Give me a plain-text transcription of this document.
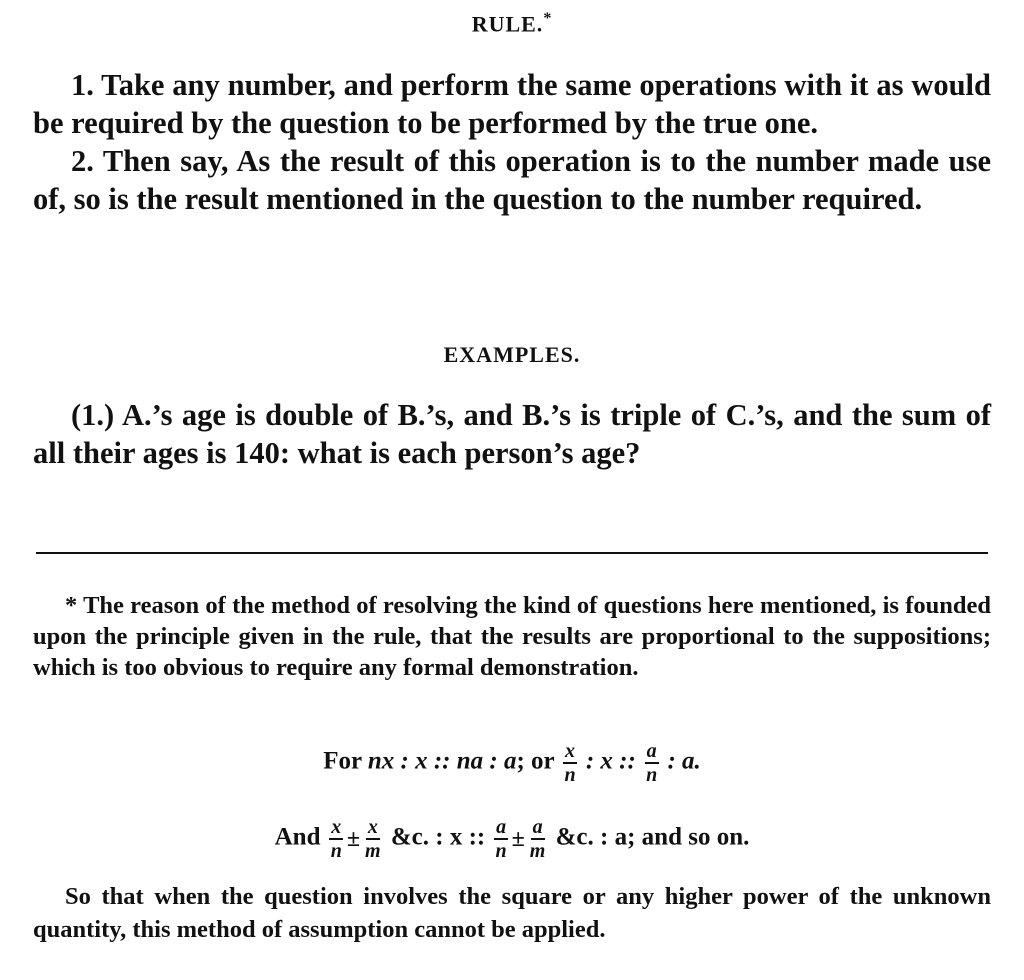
RULE.*

1. Take any number, and perform the same operations with it as would be required by the question to be performed by the true one.

2. Then say, As the result of this operation is to the number made use of, so is the result mentioned in the question to the number required.

EXAMPLES.

(1.) A.’s age is double of B.’s, and B.’s is triple of C.’s, and the sum of all their ages is 140: what is each person’s age?

* The reason of the method of resolving the kind of questions here mentioned, is founded upon the principle given in the rule, that the results are proportional to the suppositions; which is too obvious to require any formal demonstration.

For nx : x :: na : a; or $\frac{x}{n}$ : x :: $\frac{a}{n}$ : a.
And $\frac{x}{n} \pm \frac{x}{m}$ &c. : x :: $\frac{a}{n} \pm \frac{a}{m}$ &c. : a; and so on.

So that when the question involves the square or any higher power of the unknown quantity, this method of assumption cannot be applied.
